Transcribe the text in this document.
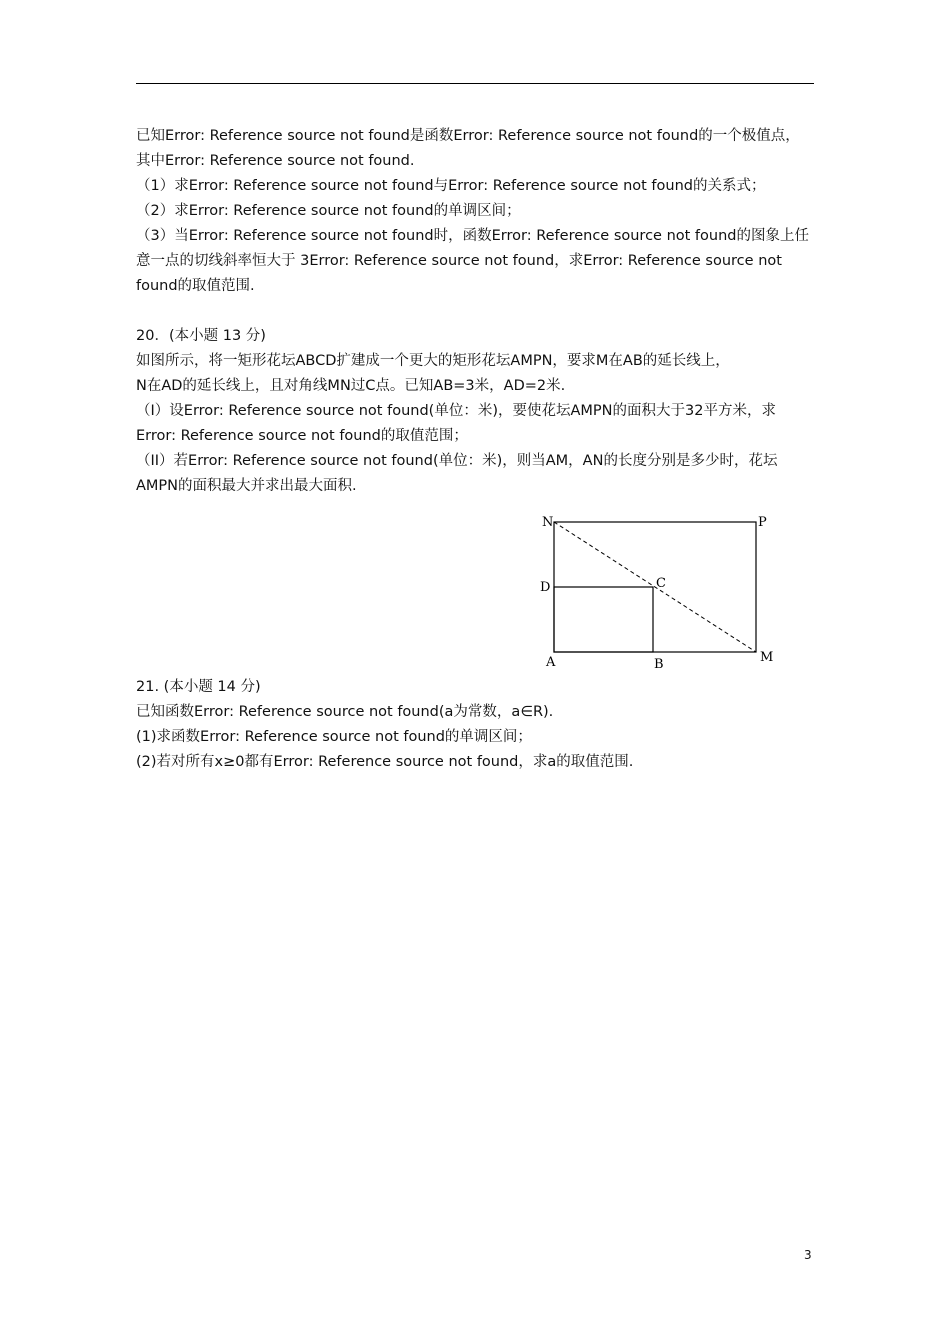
已知Error: Reference source not found是函数Error: Reference source not found的一个极值点，

其中Error: Reference source not found.

（1）求Error: Reference source not found与Error: Reference source not found的关系式；

（2）求Error: Reference source not found的单调区间；

（3）当Error: Reference source not found时，函数Error: Reference source not found的图象上任

意一点的切线斜率恒大于 3Error: Reference source not found，求Error: Reference source not

found的取值范围.

20．(本小题 13 分)

如图所示，将一矩形花坛ABCD扩建成一个更大的矩形花坛AMPN，要求M在AB的延长线上，

N在AD的延长线上，且对角线MN过C点。已知AB=3米，AD=2米.

（I）设Error: Reference source not found(单位：米)，要使花坛AMPN的面积大于32平方米，求

Error: Reference source not found的取值范围；

（II）若Error: Reference source not found(单位：米)，则当AM，AN的长度分别是多少时，花坛

AMPN的面积最大并求出最大面积.

21. (本小题 14 分)

已知函数Error: Reference source not found(a为常数，a∈R).

(1)求函数Error: Reference source not found的单调区间；

(2)若对所有x≥0都有Error: Reference source not found，求a的取值范围.

N	P
D	C
A	B	M
3
